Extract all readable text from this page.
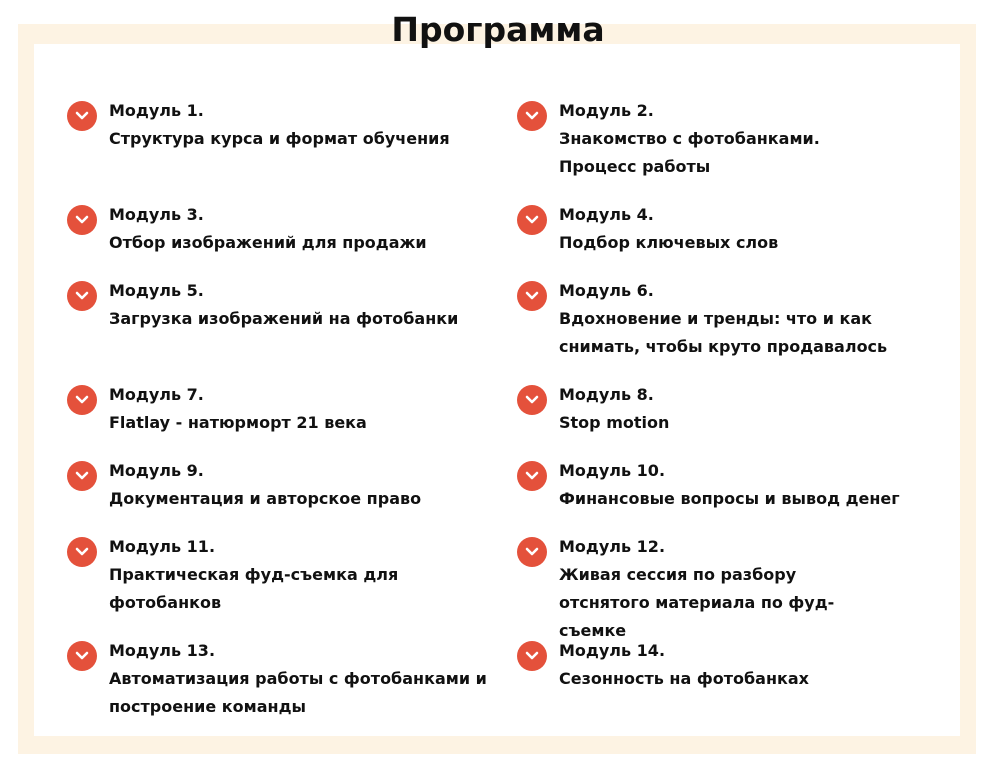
Программа
Модуль 1.
Структура курса и формат обучения
Модуль 2.
Знакомство с фотобанками. Процесс работы
Модуль 3.
Отбор изображений для продажи
Модуль 4.
Подбор ключевых слов
Модуль 5.
Загрузка изображений на фотобанки
Модуль 6.
Вдохновение и тренды: что и как снимать, чтобы круто продавалось
Модуль 7.
Flatlay - натюрморт 21 века
Модуль 8.
Stop motion
Модуль 9.
Документация и авторское право
Модуль 10.
Финансовые вопросы и вывод денег
Модуль 11.
Практическая фуд-съемка для фотобанков
Модуль 12.
Живая сессия по разбору отснятого материала по фуд-съемке
Модуль 13.
Автоматизация работы с фотобанками и построение команды
Модуль 14.
Сезонность на фотобанках
